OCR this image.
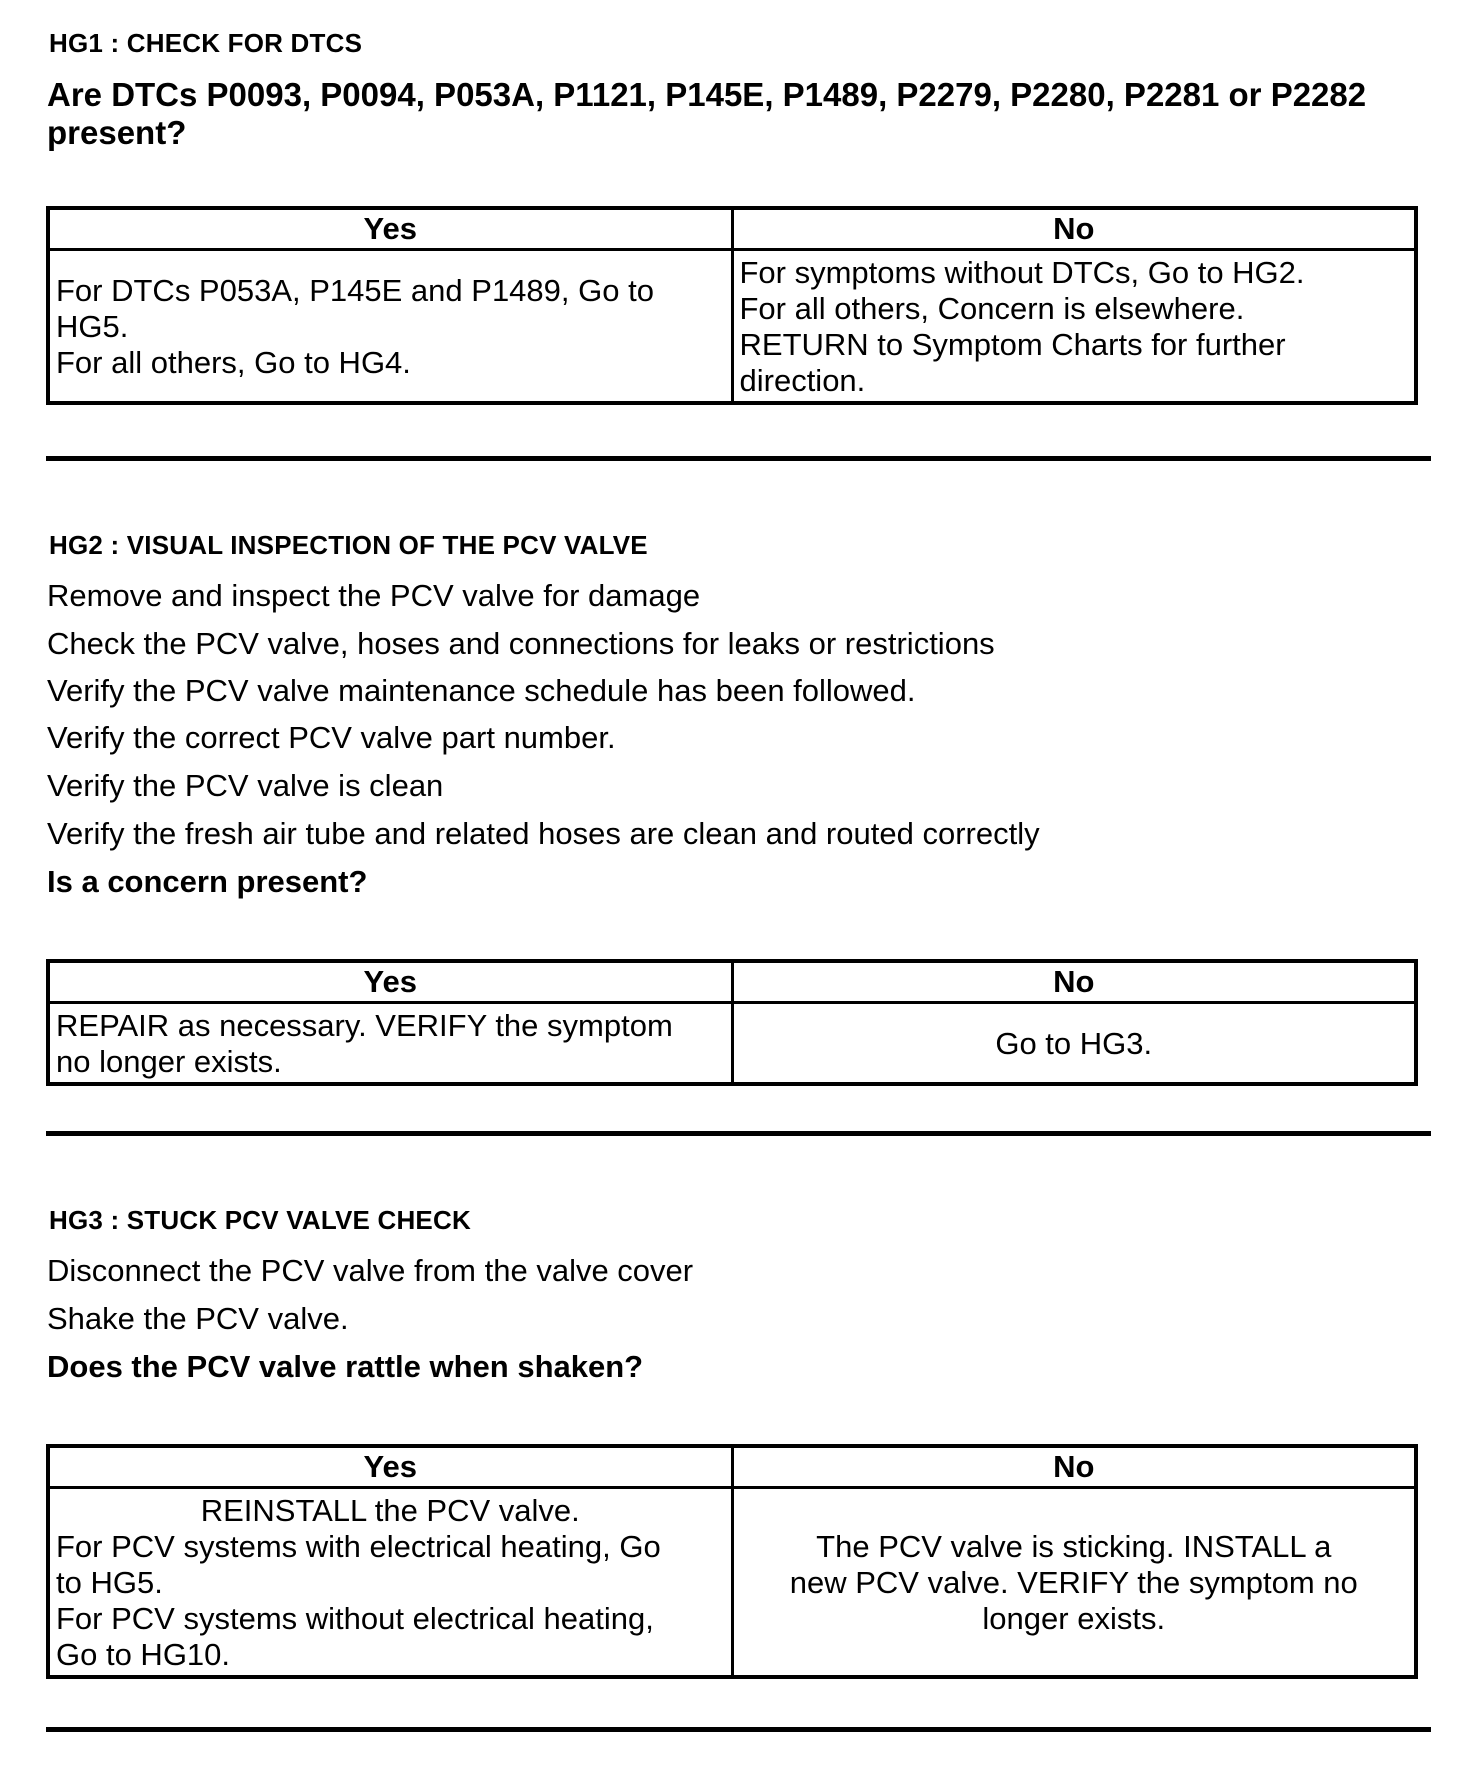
HG1 : CHECK FOR DTCS
Are DTCs P0093, P0094, P053A, P1121, P145E, P1489, P2279, P2280, P2281 or P2282
present?
Yes	No

For DTCs P053A, P145E and P1489, Go to
HG5.
For all others, Go to HG4.	For symptoms without DTCs, Go to HG2.
For all others, Concern is elsewhere.
RETURN to Symptom Charts for further
direction.
HG2 : VISUAL INSPECTION OF THE PCV VALVE
Remove and inspect the PCV valve for damage
Check the PCV valve, hoses and connections for leaks or restrictions
Verify the PCV valve maintenance schedule has been followed.
Verify the correct PCV valve part number.
Verify the PCV valve is clean
Verify the fresh air tube and related hoses are clean and routed correctly
Is a concern present?
Yes	No

REPAIR as necessary. VERIFY the symptom
no longer exists.	Go to HG3.
HG3 : STUCK PCV VALVE CHECK
Disconnect the PCV valve from the valve cover
Shake the PCV valve.
Does the PCV valve rattle when shaken?
Yes	No

REINSTALL the PCV valve.
For PCV systems with electrical heating, Go
to HG5.
For PCV systems without electrical heating,
Go to HG10.	The PCV valve is sticking. INSTALL a
new PCV valve. VERIFY the symptom no
longer exists.
